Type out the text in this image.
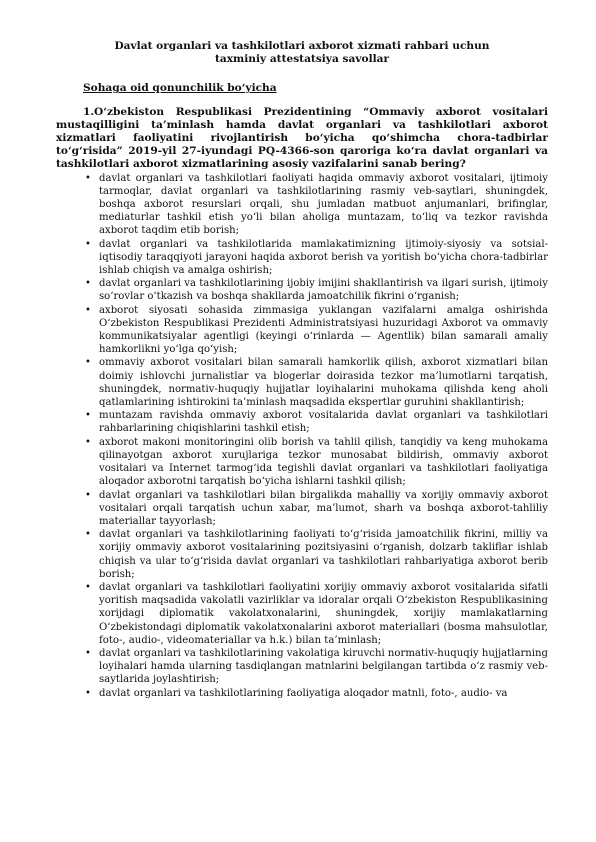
Davlat organlari va tashkilotlari axborot xizmati rahbari uchun
taxminiy attestatsiya savollar

Sohaga oid qonunchilik bo‘yicha

1.O‘zbekiston Respublikasi Prezidentining “Ommaviy axborot vositalari mustaqilligini ta’minlash hamda davlat organlari va tashkilotlari axborot xizmatlari faoliyatini rivojlantirish bo‘yicha qo‘shimcha chora-tadbirlar to‘g‘risida” 2019-yil 27-iyundagi PQ-4366-son qaroriga ko‘ra davlat organlari va tashkilotlari axborot xizmatlarining asosiy vazifalarini sanab bering?

• davlat organlari va tashkilotlari faoliyati haqida ommaviy axborot vositalari, ijtimoiy tarmoqlar, davlat organlari va tashkilotlarining rasmiy veb-saytlari, shuningdek, boshqa axborot resurslari orqali, shu jumladan matbuot anjumanlari, brifinglar, mediaturlar tashkil etish yo‘li bilan aholiga muntazam, to‘liq va tezkor ravishda axborot taqdim etib borish;
• davlat organlari va tashkilotlarida mamlakatimizning ijtimoiy-siyosiy va sotsial-iqtisodiy taraqqiyoti jarayoni haqida axborot berish va yoritish bo‘yicha chora-tadbirlar ishlab chiqish va amalga oshirish;
• davlat organlari va tashkilotlarining ijobiy imijini shakllantirish va ilgari surish, ijtimoiy so‘rovlar o‘tkazish va boshqa shakllarda jamoatchilik fikrini o‘rganish;
• axborot siyosati sohasida zimmasiga yuklangan vazifalarni amalga oshirishda O‘zbekiston Respublikasi Prezidenti Administratsiyasi huzuridagi Axborot va ommaviy kommunikatsiyalar agentligi (keyingi o‘rinlarda — Agentlik) bilan samarali amaliy hamkorlikni yo‘lga qo‘yish;
• ommaviy axborot vositalari bilan samarali hamkorlik qilish, axborot xizmatlari bilan doimiy ishlovchi jurnalistlar va blogerlar doirasida tezkor ma’lumotlarni tarqatish, shuningdek, normativ-huquqiy hujjatlar loyihalarini muhokama qilishda keng aholi qatlamlarining ishtirokini ta’minlash maqsadida ekspertlar guruhini shakllantirish;
• muntazam ravishda ommaviy axborot vositalarida davlat organlari va tashkilotlari rahbarlarining chiqishlarini tashkil etish;
• axborot makoni monitoringini olib borish va tahlil qilish, tanqidiy va keng muhokama qilinayotgan axborot xurujlariga tezkor munosabat bildirish, ommaviy axborot vositalari va Internet tarmog‘ida tegishli davlat organlari va tashkilotlari faoliyatiga aloqador axborotni tarqatish bo‘yicha ishlarni tashkil qilish;
• davlat organlari va tashkilotlari bilan birgalikda mahalliy va xorijiy ommaviy axborot vositalari orqali tarqatish uchun xabar, ma’lumot, sharh va boshqa axborot-tahliliy materiallar tayyorlash;
• davlat organlari va tashkilotlarining faoliyati to‘g‘risida jamoatchilik fikrini, milliy va xorijiy ommaviy axborot vositalarining pozitsiyasini o‘rganish, dolzarb takliflar ishlab chiqish va ular to‘g‘risida davlat organlari va tashkilotlari rahbariyatiga axborot berib borish;
• davlat organlari va tashkilotlari faoliyatini xorijiy ommaviy axborot vositalarida sifatli yoritish maqsadida vakolatli vazirliklar va idoralar orqali O‘zbekiston Respublikasining xorijdagi diplomatik vakolatxonalarini, shuningdek, xorijiy mamlakatlarning O‘zbekistondagi diplomatik vakolatxonalarini axborot materiallari (bosma mahsulotlar, foto-, audio-, videomateriallar va h.k.) bilan ta’minlash;
• davlat organlari va tashkilotlarining vakolatiga kiruvchi normativ-huquqiy hujjatlarning loyihalari hamda ularning tasdiqlangan matnlarini belgilangan tartibda o‘z rasmiy veb-saytlarida joylashtirish;
• davlat organlari va tashkilotlarining faoliyatiga aloqador matnli, foto-, audio- va
